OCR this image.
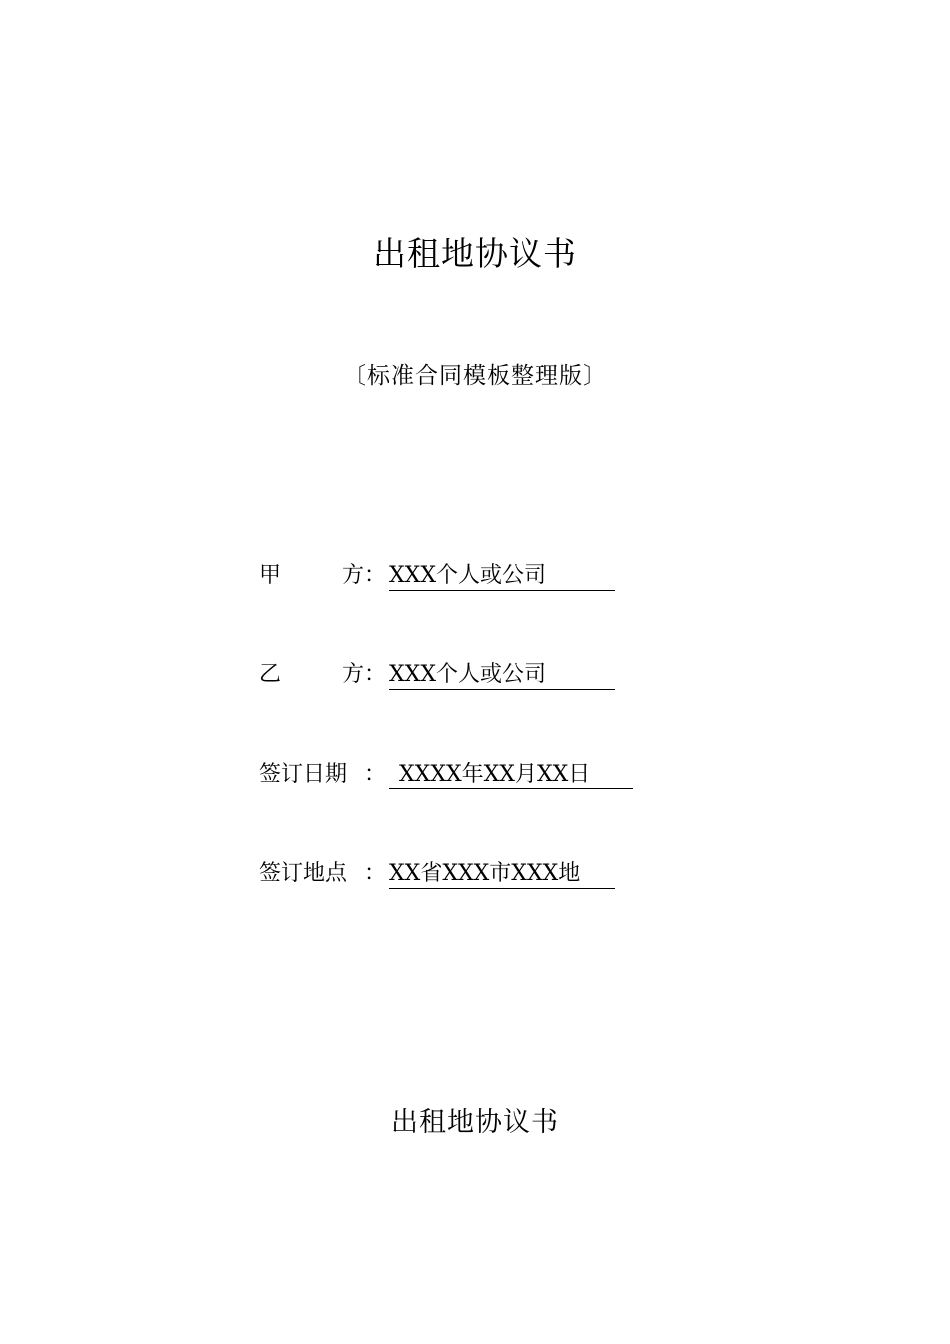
出租地协议书
〔标准合同模板整理版〕
甲	方 ： XXX个人或公司
乙	方 ： XXX个人或公司
签订日期 ： XXXX年XX月XX日
签订地点 ： XX省XXX市XXX地
出租地协议书
